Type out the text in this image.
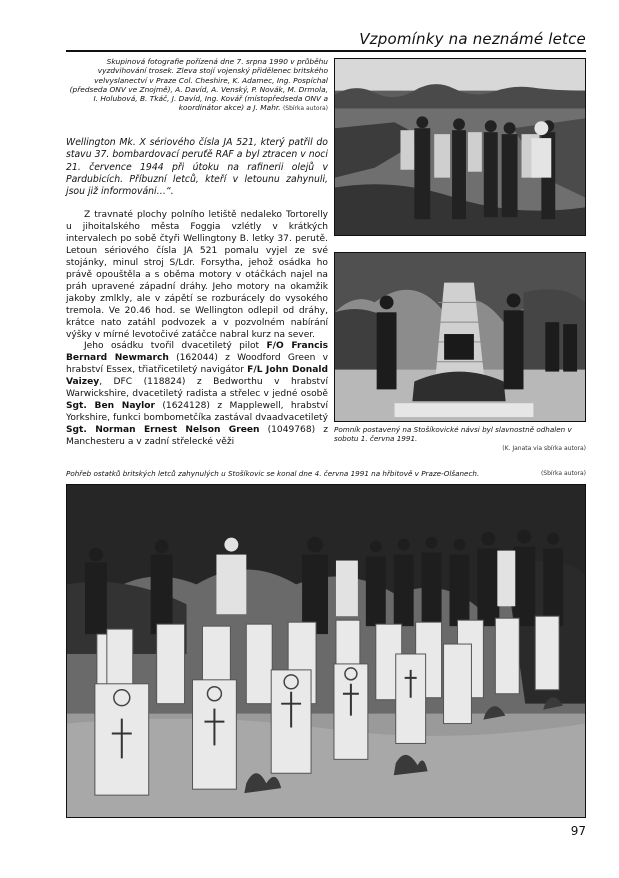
Vzpomínky na neznámé letce
Skupinová fotografie pořízená dne 7. srpna 1990 v průběhu vyzdvihování trosek. Zleva stojí vojenský přidělenec britského velvyslanectví v Praze Col. Cheshire, K. Adamec, Ing. Pospíchal (předseda ONV ve Znojmě), A. Davíd, A. Venský, P. Novák, M. Drmola, I. Holubová, B. Tkáč, J. Davíd, Ing. Kovář (místopředseda ONV a koordinátor akce) a J. Mahr. (Sbírka autora)
Wellington Mk. X sériového čísla JA 521, který patřil do stavu 37. bombardovací peruťě RAF a byl ztracen v noci 21. července 1944 při útoku na rafinerii olejů v Pardubicích. Příbuzní letců, kteří v letounu zahynuli, jsou již informováni…“.

Z travnaté plochy polního letiště nedaleko Tortorelly u jihoitalského města Foggia vzlétly v krátkých intervalech po sobě čtyři Wellingtony B. letky 37. perutě. Letoun sériového čísla JA 521 pomalu vyjel ze své stojánky, minul stroj S/Ldr. Forsytha, jehož osádka ho právě opouštěla a s oběma motory v otáčkách najel na práh upravené západní dráhy. Jeho motory na okamžik jakoby zmlkly, ale v zápětí se rozburácely do vysokého tremola. Ve 20.46 hod. se Wellington odlepil od dráhy, krátce nato zatáhl podvozek a v pozvolném nabírání výšky v mírné levotočivé zatáčce nabral kurz na sever.

Jeho osádku tvořil dvacetiletý pilot F/O Francis Bernard Newmarch (162044) z Woodford Green v hrabství Essex, třiatřicetiletý navigátor F/L John Donald Vaizey, DFC (118824) z Bedworthu v hrabství Warwickshire, dvacetiletý radista a střelec v jedné osobě Sgt. Ben Naylor (1624128) z Mapplewell, hrabství Yorkshire, funkci bombometčíka zastával dvaadvacetiletý Sgt. Norman Ernest Nelson Green (1049768) z Manchesteru a v zadní střelecké věži

Pomník postavený na Stošíkovické návsi byl slavnostně odhalen v sobotu 1. června 1991.

(K. Janata via sbírka autora)
Pohřeb ostatků britských letců zahynulých u Stošíkovic se konal dne 4. června 1991 na hřbitově v Praze-Olšanech.	(Sbírka autora)
97
